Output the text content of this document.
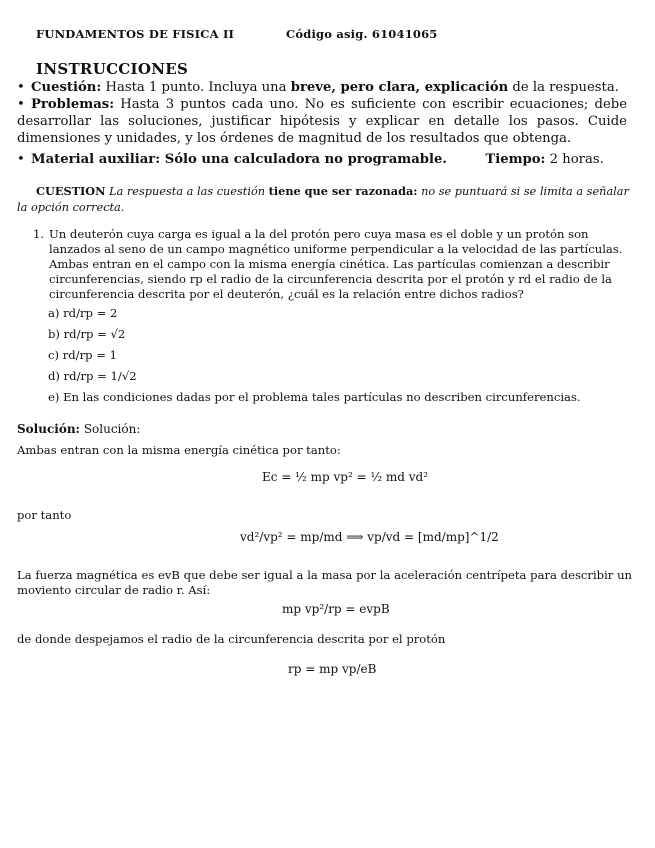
FUNDAMENTOS DE FISICA II	Código asig. 61041065
INSTRUCCIONES
• Cuestión: Hasta 1 punto. Incluya una breve, pero clara, explicación de la respuesta.
• Problemas: Hasta 3 puntos cada uno. No es suficiente con escribir ecuaciones; debe desarrollar las soluciones, justificar hipótesis y explicar en detalle los pasos. Cuide dimensiones y unidades, y los órdenes de magnitud de los resultados que obtenga.
• Material auxiliar: Sólo una calculadora no programable.	Tiempo: 2 horas.
CUESTION La respuesta a las cuestión tiene que ser razonada: no se puntuará si se limita a señalar la opción correcta.
1. Un deuterón cuya carga es igual a la del protón pero cuya masa es el doble y un protón son lanzados al seno de un campo magnético uniforme perpendicular a la velocidad de las partículas. Ambas entran en el campo con la misma energía cinética. Las partículas comienzan a describir circunferencias, siendo rp el radio de la circunferencia descrita por el protón y rd el radio de la circunferencia descrita por el deuterón, ¿cuál es la relación entre dichos radios?
a) rd/rp = 2
b) rd/rp = √2
c) rd/rp = 1
d) rd/rp = 1/√2
e) En las condiciones dadas por el problema tales partículas no describen circunferencias.
Solución: Solución:
Ambas entran con la misma energía cinética por tanto:
Ec = ½ mp vp² = ½ md vd²
por tanto
vd²/vp² = mp/md ⟹ vp/vd = [md/mp]^1/2
La fuerza magnética es evB que debe ser igual a la masa por la aceleración centrípeta para describir un moviento circular de radio r. Así:
mp vp²/rp = evpB
de donde despejamos el radio de la circunferencia descrita por el protón
rp = mp vp/eB
